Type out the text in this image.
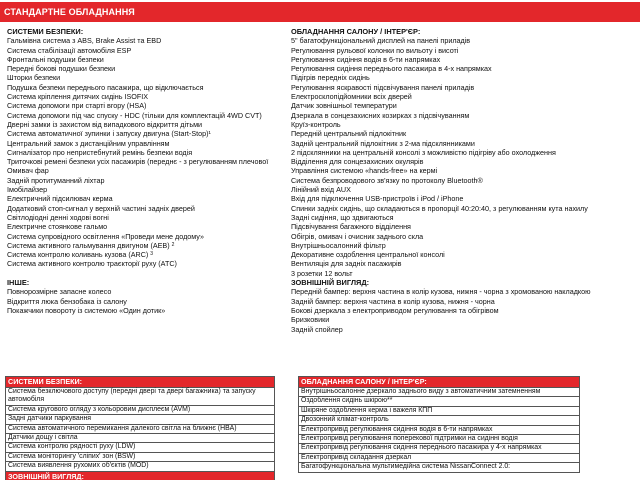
СТАНДАРТНЕ ОБЛАДНАННЯ
СИСТЕМИ БЕЗПЕКИ:
Гальмівна система з ABS, Brake Assist та EBD
Система стабілізації автомобіля ESP
Фронтальні подушки безпеки
Передні бокові подушки безпеки
Шторки безпеки
Подушка безпеки переднього пасажира, що відключається
Система кріплення дитячих сидінь ISOFIX
Система допомоги при старті вгору (HSA)
Система допомоги під час спуску - HDC (тільки для комплектацій 4WD CVT)
Дверні замки із захистом від випадкового відкриття дітьми
Система автоматичної зупинки і запуску двигуна (Start-Stop)¹
Центральний замок з дистанційним управлінням
Сигналізатор про непристебнутий ремінь безпеки водія
Триточкові ремені безпеки усіх пасажирів (переднє - з регулюванням плечової
Омивач фар
Задній протитуманний ліхтар
Імобілайзер
Електричний підсилювач керма
Додатковий стоп-сигнал у верхній частині задніх дверей
Світлодіодні денні ходові вогні
Електричне стоянкове гальмо
Система супровідного освітлення «Проведи мене додому»
Система активного гальмування двигуном (AEB) $^2$
Система контролю коливань кузова (ARC) $^3$
Система активного контролю траєкторії руху (ATC)
ІНШЕ:
Повнорозмірне запасне колесо
Відкриття люка бензобака із салону
Покажчики повороту із системою «Один дотик»
ОБЛАДНАННЯ САЛОНУ / ІНТЕР'ЄР:
5" багатофункціональний дисплей на панелі приладів
Регулювання рульової колонки по вильоту і висоті
Регулювання сидіння водія в 6-ти напрямках
Регулювання сидіння переднього пасажира в 4-х напрямках
Підігрів передніх сидінь
Регулювання яскравості підсвічування панелі приладів
Електросклопідйомники всіх дверей
Датчик зовнішньої температури
Дзеркала в сонцезахисних козирках з підсвічуванням
Круїз-контроль
Передній центральний підлокітник
Задній центральний підлокітник з 2-ма підсклянниками
2 підсклянники на центральній консолі з можливістю підігріву або охолодження
Відділення для сонцезахисних окулярів
Управління системою «hands-free» на кермі
Система безпроводового зв'язку по протоколу Bluetooth®
Лінійний вхід AUX
Вхід для підключення USB-пристроїв і iPod / iPhone
Спинки задніх сидінь, що складаються в пропорції 40:20:40, з регулюванням кута нахилу
Задні сидіння, що здвигаються
Підсвічування багажного відділення
Обігрів, омивач і очисник заднього скла
Внутрішньосалонний фільтр
Декоративне оздоблення центральної консолі
Вентиляція для задніх пасажирів
3 розетки 12 вольт
ЗОВНІШНІЙ ВИГЛЯД:
Передній бампер: верхня частина в колір кузова, нижня - чорна з хромованою накладкою
Задній бампер: верхня частина в колір кузова, нижня - чорна
Бокові дзеркала з електроприводом регулювання та обігрівом
Бризковики
Задній спойлер
СИСТЕМИ БЕЗПЕКИ:
Система безключового доступу (передні двері та двері багажника) та запуску автомобіля
Система кругового огляду з кольоровим дисплеєм (AVM)
Задні датчики паркування
Система автоматичного перемикання далекого світла на ближнє (HBA)
Датчики дощу і світла
Система контролю рядності руху (LDW)
Система моніторингу 'сліпих' зон (BSW)
Система виявлення рухомих об'єктів (MOD)
ЗОВНІШНІЙ ВИГЛЯД:
ОБЛАДНАННЯ САЛОНУ / ІНТЕР'ЄР:
Внутрішньосалонне дзеркало заднього виду з автоматичним затемненням
Оздоблення сидінь шкірою**
Шкіряне оздоблення керма і важеля КПП
Двозонний клімат-контроль
Електропривід регулювання сидіння водія в 6-ти напрямках
Електропривід регулювання поперекової підтримки на сидінні водія
Електропривід регулювання сидіння переднього пасажира у 4-х напрямках
Електропривід складання дзеркал
Багатофункціональна мультимедійна система NissanConnect 2.0:
